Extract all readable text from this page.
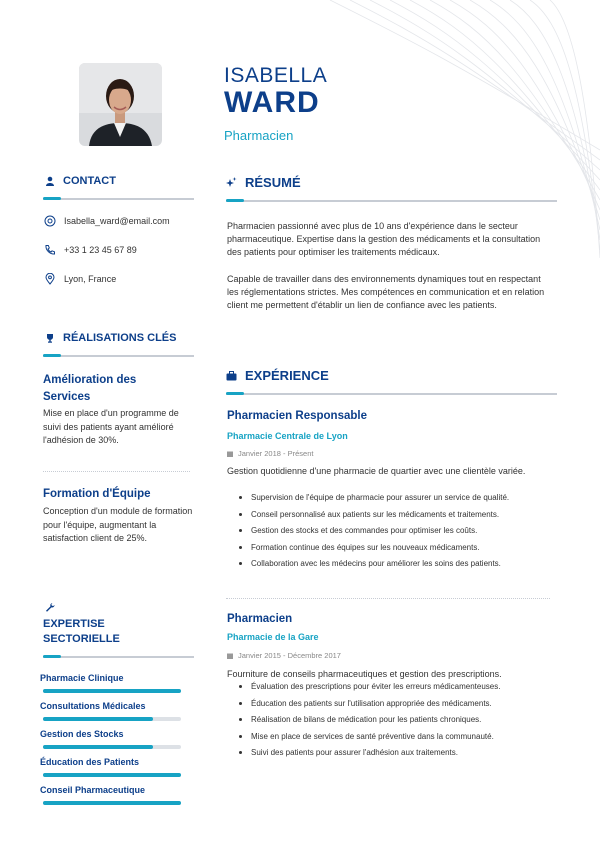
ISABELLA
WARD
Pharmacien
CONTACT
Isabella_ward@email.com
+33 1 23 45 67 89
Lyon, France
RÉALISATIONS CLÉS
Amélioration des Services
Mise en place d'un programme de suivi des patients ayant amélioré l'adhésion de 30%.
Formation d'Équipe
Conception d'un module de formation pour l'équipe, augmentant la satisfaction client de 25%.
EXPERTISE
SECTORIELLE
Pharmacie Clinique
Consultations Médicales
Gestion des Stocks
Éducation des Patients
Conseil Pharmaceutique
RÉSUMÉ
Pharmacien passionné avec plus de 10 ans d'expérience dans le secteur pharmaceutique. Expertise dans la gestion des médicaments et la consultation des patients pour optimiser les traitements médicaux.
Capable de travailler dans des environnements dynamiques tout en respectant les réglementations strictes. Mes compétences en communication et en relation client me permettent d'établir un lien de confiance avec les patients.
EXPÉRIENCE
Pharmacien Responsable
Pharmacie Centrale de Lyon
Janvier 2018 - Présent
Gestion quotidienne d'une pharmacie de quartier avec une clientèle variée.
Supervision de l'équipe de pharmacie pour assurer un service de qualité.
Conseil personnalisé aux patients sur les médicaments et traitements.
Gestion des stocks et des commandes pour optimiser les coûts.
Formation continue des équipes sur les nouveaux médicaments.
Collaboration avec les médecins pour améliorer les soins des patients.
Pharmacien
Pharmacie de la Gare
Janvier 2015 - Décembre 2017
Fourniture de conseils pharmaceutiques et gestion des prescriptions.
Évaluation des prescriptions pour éviter les erreurs médicamenteuses.
Éducation des patients sur l'utilisation appropriée des médicaments.
Réalisation de bilans de médication pour les patients chroniques.
Mise en place de services de santé préventive dans la communauté.
Suivi des patients pour assurer l'adhésion aux traitements.
